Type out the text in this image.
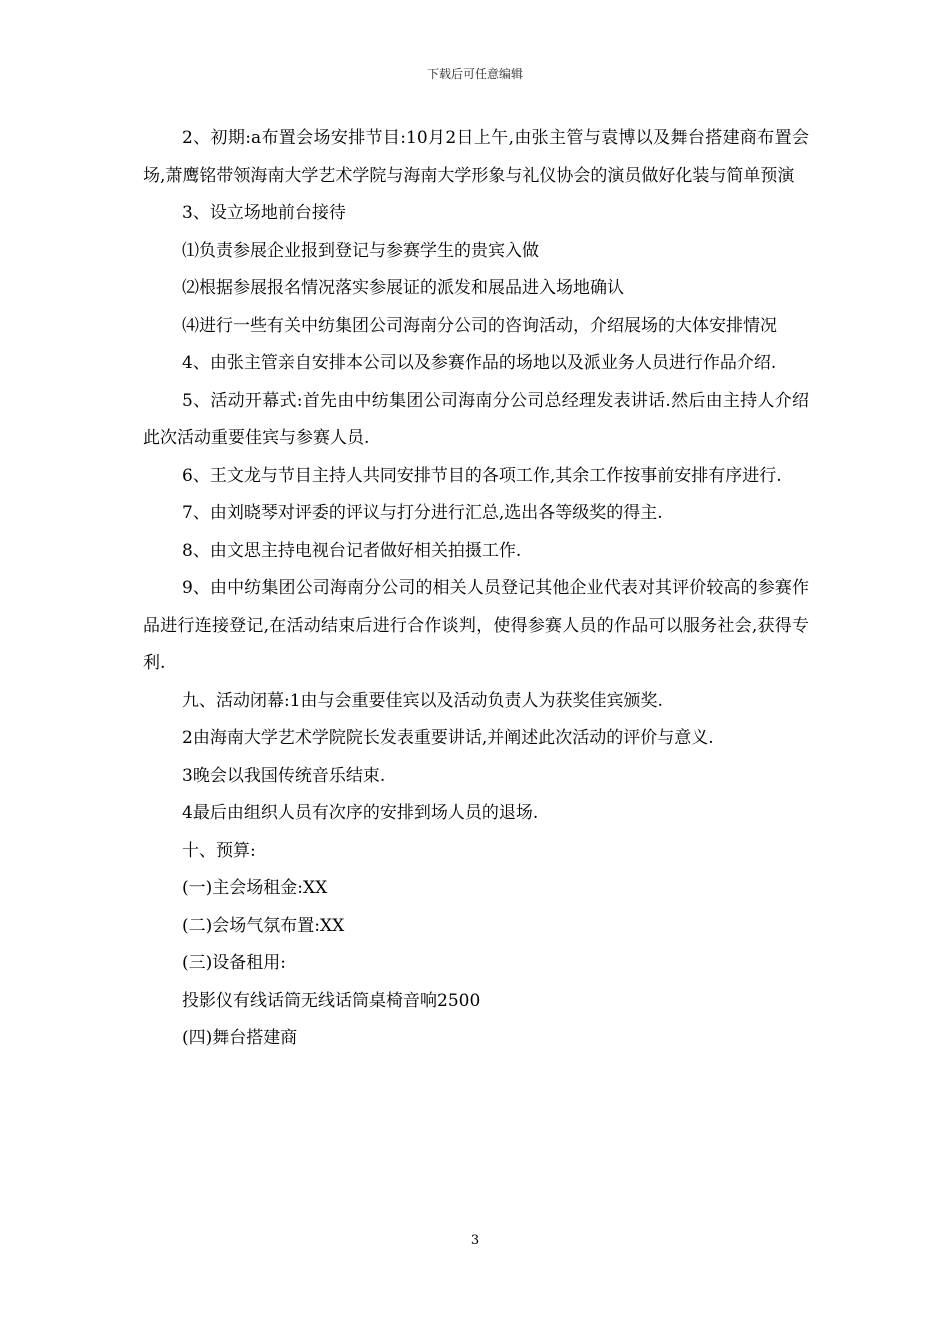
下载后可任意编辑

2、初期:a布置会场安排节目:10月2日上午,由张主管与袁博以及舞台搭建商布置会场,萧鹰铭带领海南大学艺术学院与海南大学形象与礼仪协会的演员做好化装与简单预演

3、设立场地前台接待

⑴负责参展企业报到登记与参赛学生的贵宾入做

⑵根据参展报名情况落实参展证的派发和展品进入场地确认

⑷进行一些有关中纺集团公司海南分公司的咨询活动，介绍展场的大体安排情况

4、由张主管亲自安排本公司以及参赛作品的场地以及派业务人员进行作品介绍.

5、活动开幕式:首先由中纺集团公司海南分公司总经理发表讲话.然后由主持人介绍此次活动重要佳宾与参赛人员.

6、王文龙与节目主持人共同安排节目的各项工作,其余工作按事前安排有序进行.

7、由刘晓琴对评委的评议与打分进行汇总,选出各等级奖的得主.

8、由文思主持电视台记者做好相关拍摄工作.

9、由中纺集团公司海南分公司的相关人员登记其他企业代表对其评价较高的参赛作品进行连接登记,在活动结束后进行合作谈判，使得参赛人员的作品可以服务社会,获得专利.

九、活动闭幕:1由与会重要佳宾以及活动负责人为获奖佳宾颁奖.

2由海南大学艺术学院院长发表重要讲话,并阐述此次活动的评价与意义.

3晚会以我国传统音乐结束.

4最后由组织人员有次序的安排到场人员的退场.

十、预算:

(一)主会场租金:XX

(二)会场气氛布置:XX

(三)设备租用:

投影仪有线话筒无线话筒桌椅音响2500

(四)舞台搭建商

3
